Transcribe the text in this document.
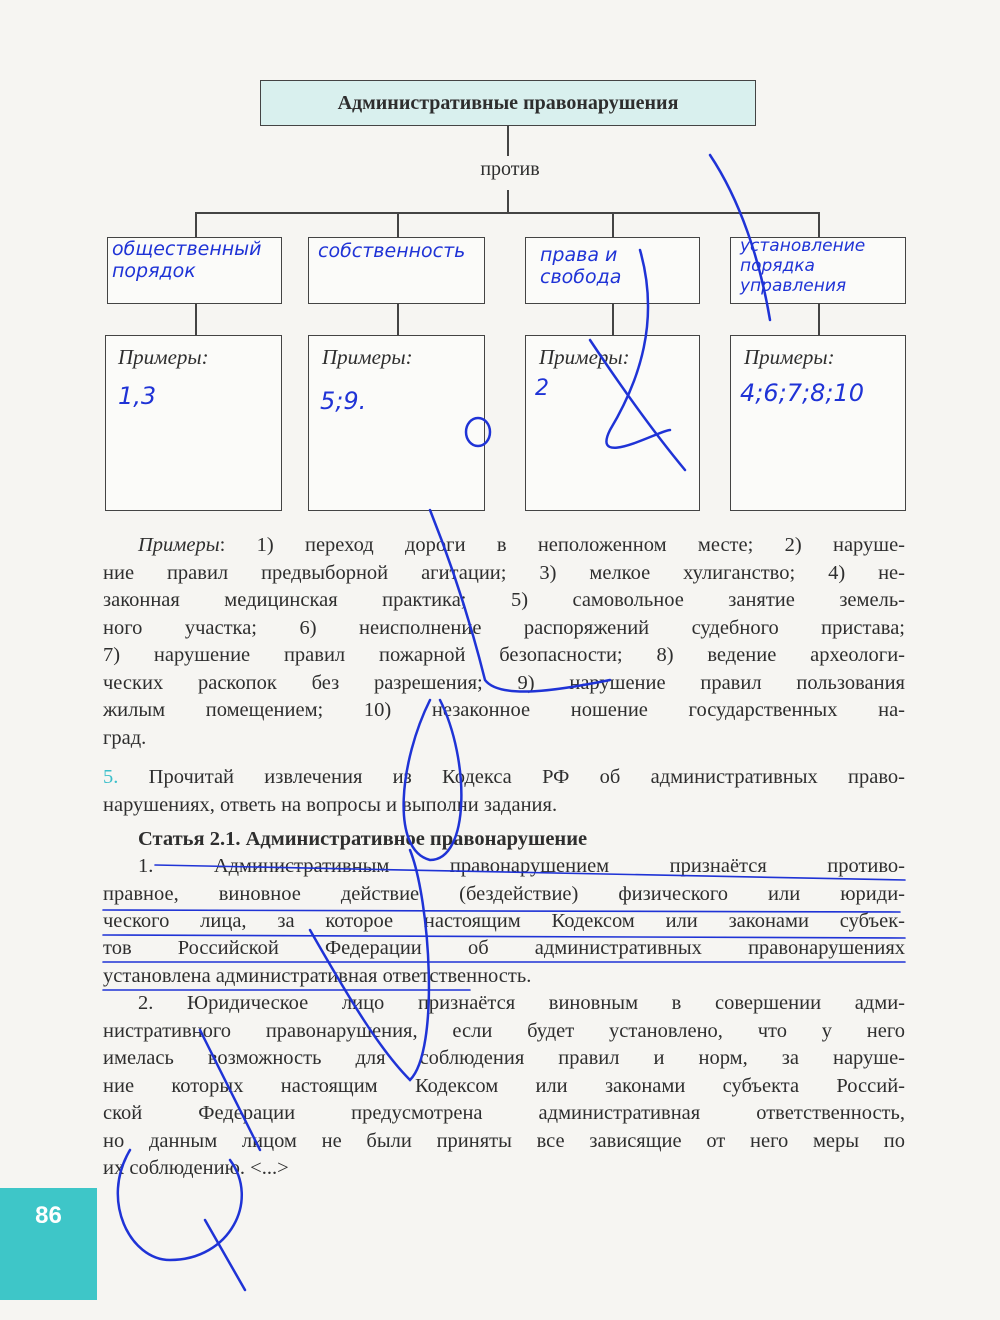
Административные правонарушения
против
общественный порядок
собственность	права и свобода
установление порядка управления
Примеры:	Примеры:	Примеры:	Примеры:
1,3	5;9.	2	4;6;7;8;10
Примеры: 1) переход дороги в неположенном месте; 2) наруше-
ние правил предвыборной агитации; 3) мелкое хулиганство; 4) не-
законная медицинская практика; 5) самовольное занятие земель-
ного участка; 6) неисполнение распоряжений судебного пристава;
7) нарушение правил пожарной безопасности; 8) ведение археологи-
ческих раскопок без разрешения; 9) нарушение правил пользования
жилым помещением; 10) незаконное ношение государственных на-
град.
5. Прочитай извлечения из Кодекса РФ об административных право-
нарушениях, ответь на вопросы и выполни задания.
Статья 2.1. Административное правонарушение
1. Административным правонарушением признаётся противо-
правное, виновное действие (бездействие) физического или юриди-
ческого лица, за которое настоящим Кодексом или законами субъек-
тов Российской Федерации об административных правонарушениях
установлена административная ответственность.
2. Юридическое лицо признаётся виновным в совершении адми-
нистративного правонарушения, если будет установлено, что у него
имелась возможность для соблюдения правил и норм, за наруше-
ние которых настоящим Кодексом или законами субъекта Россий-
ской Федерации предусмотрена административная ответственность,
но данным лицом не были приняты все зависящие от него меры по
их соблюдению. <...>
86
